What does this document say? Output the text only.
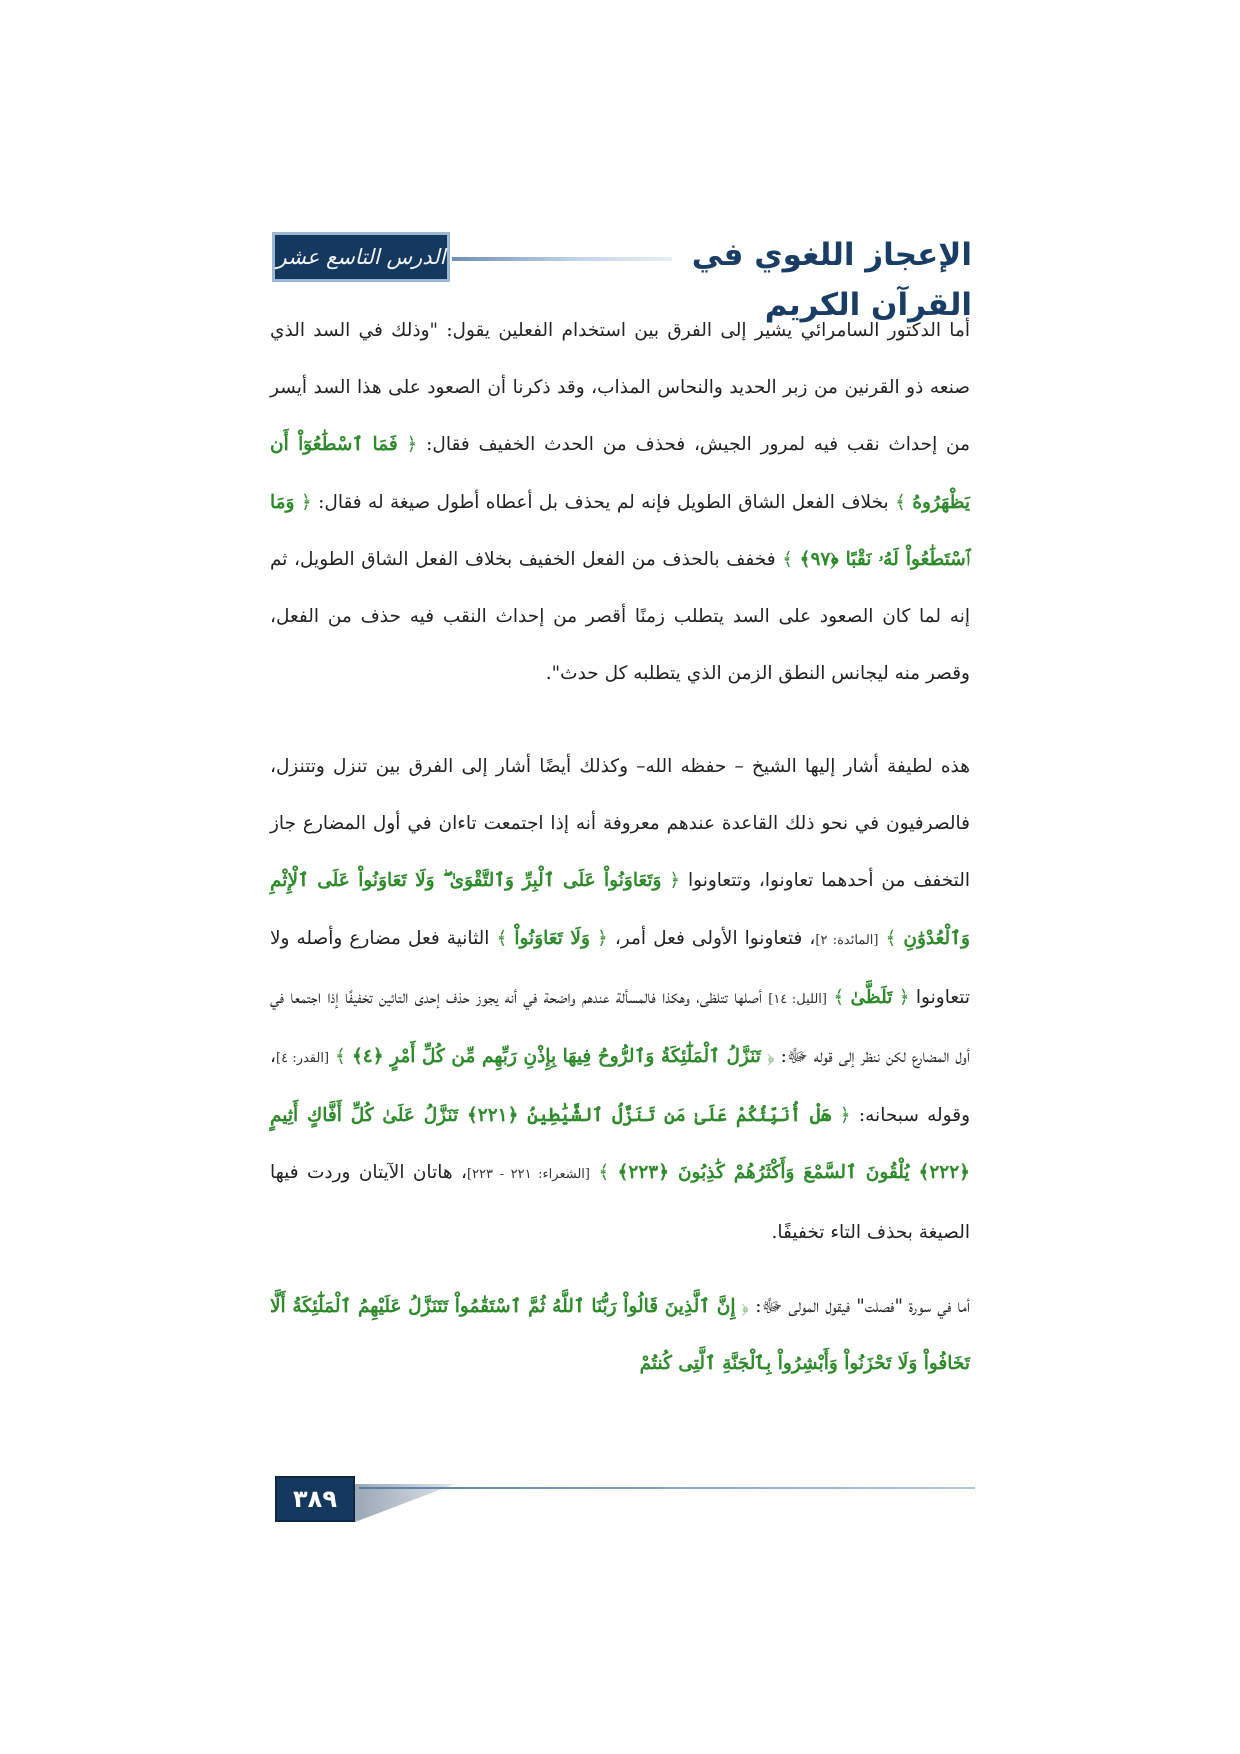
الدرس التاسع عشر	الإعجاز اللغوي في القرآن الكريم

أما الدكتور السامرائي يشير إلى الفرق بين استخدام الفعلين يقول: "وذلك في السد الذي صنعه ذو القرنين من زبر الحديد والنحاس المذاب، وقد ذكرنا أن الصعود على هذا السد أيسر من إحداث نقب فيه لمرور الجيش، فحذف من الحدث الخفيف فقال: ﴿ فَمَا ٱسْطَٰعُوٓاْ أَن يَظْهَرُوهُ ﴾ بخلاف الفعل الشاق الطويل فإنه لم يحذف بل أعطاه أطول صيغة له فقال: ﴿ وَمَا ٱسْتَطَٰعُواْ لَهُۥ نَقْبًا ﴿٩٧﴾ ﴾ فخفف بالحذف من الفعل الخفيف بخلاف الفعل الشاق الطويل، ثم إنه لما كان الصعود على السد يتطلب زمنًا أقصر من إحداث النقب فيه حذف من الفعل، وقصر منه ليجانس النطق الزمن الذي يتطلبه كل حدث".

هذه لطيفة أشار إليها الشيخ – حفظه الله– وكذلك أيضًا أشار إلى الفرق بين تنزل وتتنزل، فالصرفيون في نحو ذلك القاعدة عندهم معروفة أنه إذا اجتمعت تاءان في أول المضارع جاز التخفف من أحدهما تعاونوا، وتتعاونوا ﴿ وَتَعَاوَنُواْ عَلَى ٱلْبِرِّ وَٱلتَّقْوَىٰ ۖ وَلَا تَعَاوَنُواْ عَلَى ٱلْإِثْمِ وَٱلْعُدْوَٰنِ ﴾ [المائدة: ٢]، فتعاونوا الأولى فعل أمر، ﴿ وَلَا تَعَاوَنُواْ ﴾ الثانية فعل مضارع وأصله ولا تتعاونوا ﴿ تَلَظَّىٰ ﴾ [الليل: ١٤] أصلها تتلظى، وهكذا فالمسألة عندهم واضحة في أنه يجوز حذف إحدى التائين تخفيفًا إذا اجتمعا في أول المضارع لكن ننظر إلى قوله ﷻ: ﴿ تَنَزَّلُ ٱلْمَلَٰٓئِكَةُ وَٱلرُّوحُ فِيهَا بِإِذْنِ رَبِّهِم مِّن كُلِّ أَمْرٍ ﴿٤﴾ ﴾ [القدر: ٤]، وقوله سبحانه: ﴿ هَلْ أُنَبِّئُكُمْ عَلَىٰ مَن تَنَزَّلُ ٱلشَّيَٰطِينُ ﴿٢٢١﴾ تَنَزَّلُ عَلَىٰ كُلِّ أَفَّاكٍ أَثِيمٍ ﴿٢٢٢﴾ يُلْقُونَ ٱلسَّمْعَ وَأَكْثَرُهُمْ كَٰذِبُونَ ﴿٢٢٣﴾ ﴾ [الشعراء: ٢٢١ - ٢٢٣]، هاتان الآيتان وردت فيها الصيغة بحذف التاء تخفيفًا.

أما في سورة "فصلت" فيقول المولى ﷻ: ﴿ إِنَّ ٱلَّذِينَ قَالُواْ رَبُّنَا ٱللَّهُ ثُمَّ ٱسْتَقَٰمُواْ تَتَنَزَّلُ عَلَيْهِمُ ٱلْمَلَٰٓئِكَةُ أَلَّا تَخَافُواْ وَلَا تَحْزَنُواْ وَأَبْشِرُواْ بِٱلْجَنَّةِ ٱلَّتِى كُنتُمْ

٣٨٩
